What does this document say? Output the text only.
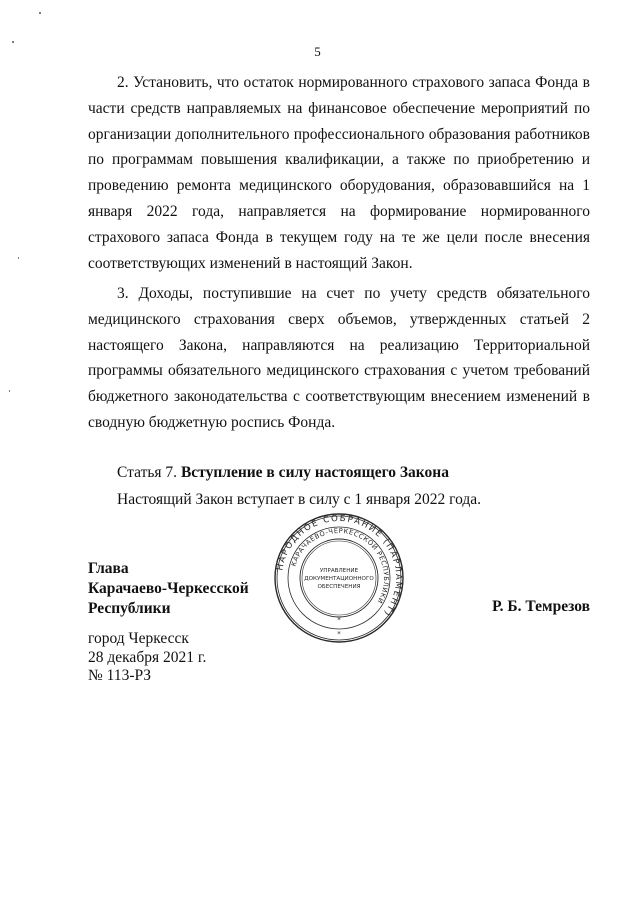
5

2. Установить, что остаток нормированного страхового запаса Фонда в части средств направляемых на финансовое обеспечение мероприятий по организации дополнительного профессионального образования работников по программам повышения квалификации, а также по приобретению и проведению ремонта медицинского оборудования, образовавшийся на 1 января 2022 года, направляется на формирование нормированного страхового запаса Фонда в текущем году на те же цели после внесения соответствующих изменений в настоящий Закон.

3. Доходы, поступившие на счет по учету средств обязательного медицинского страхования сверх объемов, утвержденных статьей 2 настоящего Закона, направляются на реализацию Территориальной программы обязательного медицинского страхования с учетом требований бюджетного законодательства с соответствующим внесением изменений в сводную бюджетную роспись Фонда.

Статья 7. Вступление в силу настоящего Закона

Настоящий Закон вступает в силу с 1 января 2022 года.

Глава
Карачаево-Черкесской
Республики	Р. Б. Темрезов
город Черкесск
28 декабря 2021 г.
№ 113-РЗ
НАРОДНОЕ СОБРАНИЕ (ПАРЛАМЕНТ)
КАРАЧАЕВО-ЧЕРКЕССКОЙ РЕСПУБЛИКИ
УПРАВЛЕНИЕ
ДОКУМЕНТАЦИОННОГО
ОБЕСПЕЧЕНИЯ
*
*
